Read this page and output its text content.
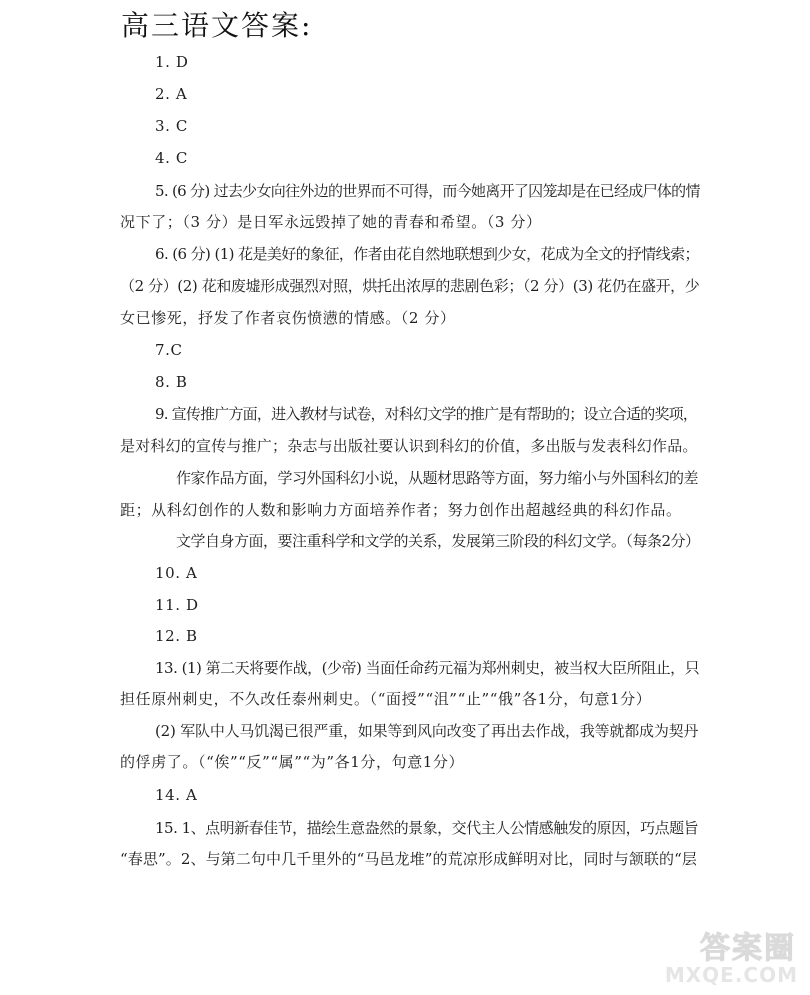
高三语文答案:
1. D
2. A
3. C
4. C
5. (6 分) 过去少女向往外边的世界而不可得，而今她离开了囚笼却是在已经成尸体的情
况下了；（3 分）是日军永远毁掉了她的青春和希望。（3 分）
6. (6 分) (1) 花是美好的象征，作者由花自然地联想到少女，花成为全文的抒情线索；
（2 分）(2) 花和废墟形成强烈对照，烘托出浓厚的悲剧色彩；（2 分）(3) 花仍在盛开，少
女已惨死，抒发了作者哀伤愤懑的情感。（2 分）
7.C
8. B
9. 宣传推广方面，进入教材与试卷，对科幻文学的推广是有帮助的；设立合适的奖项，
是对科幻的宣传与推广；杂志与出版社要认识到科幻的价值，多出版与发表科幻作品。
作家作品方面，学习外国科幻小说，从题材思路等方面，努力缩小与外国科幻的差
距；从科幻创作的人数和影响力方面培养作者；努力创作出超越经典的科幻作品。
文学自身方面，要注重科学和文学的关系，发展第三阶段的科幻文学。（每条2分）
10. A
11. D
12. B
13. (1) 第二天将要作战，(少帝) 当面任命药元福为郑州刺史，被当权大臣所阻止，只
担任原州刺史，不久改任泰州刺史。（“面授”“沮”“止”“俄”各1分，句意1分）
(2) 军队中人马饥渴已很严重，如果等到风向改变了再出去作战，我等就都成为契丹
的俘虏了。（“俟”“反”“属”“为”各1分，句意1分）
14. A
15. 1、点明新春佳节，描绘生意盎然的景象，交代主人公情感触发的原因，巧点题旨
“春思”。2、与第二句中几千里外的“马邑龙堆”的荒凉形成鲜明对比，同时与颔联的“层
答案圈
MXQE.COM
